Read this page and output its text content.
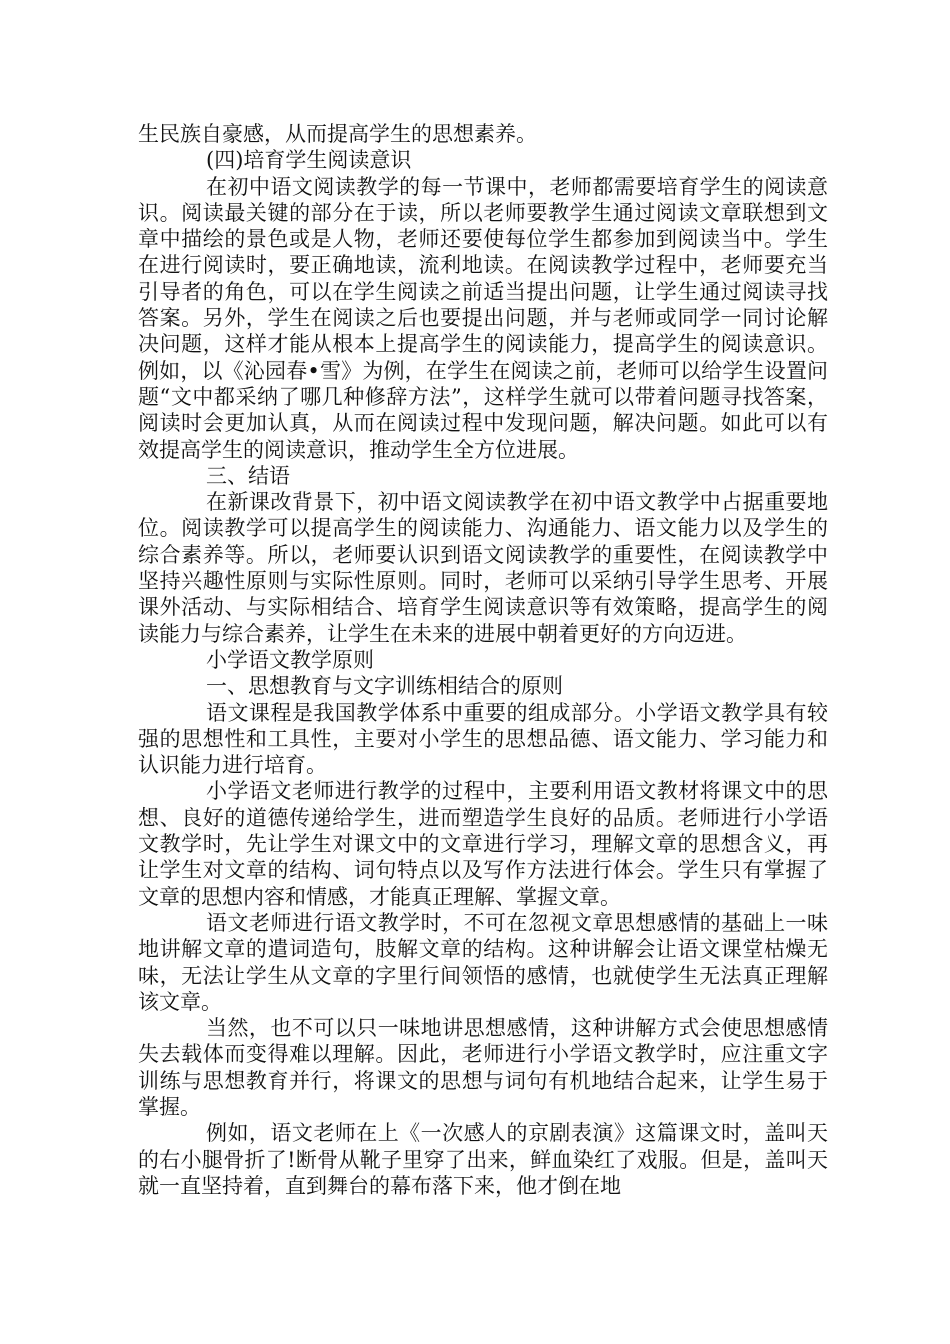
生民族自豪感，从而提高学生的思想素养。

(四)培育学生阅读意识

在初中语文阅读教学的每一节课中，老师都需要培育学生的阅读意识。阅读最关键的部分在于读，所以老师要教学生通过阅读文章联想到文章中描绘的景色或是人物，老师还要使每位学生都参加到阅读当中。学生在进行阅读时，要正确地读，流利地读。在阅读教学过程中，老师要充当引导者的角色，可以在学生阅读之前适当提出问题，让学生通过阅读寻找答案。另外，学生在阅读之后也要提出问题，并与老师或同学一同讨论解决问题，这样才能从根本上提高学生的阅读能力，提高学生的阅读意识。例如，以《沁园春•雪》为例，在学生在阅读之前，老师可以给学生设置问题“文中都采纳了哪几种修辞方法”，这样学生就可以带着问题寻找答案，阅读时会更加认真，从而在阅读过程中发现问题，解决问题。如此可以有效提高学生的阅读意识，推动学生全方位进展。

三、结语

在新课改背景下，初中语文阅读教学在初中语文教学中占据重要地位。阅读教学可以提高学生的阅读能力、沟通能力、语文能力以及学生的综合素养等。所以，老师要认识到语文阅读教学的重要性，在阅读教学中坚持兴趣性原则与实际性原则。同时，老师可以采纳引导学生思考、开展课外活动、与实际相结合、培育学生阅读意识等有效策略，提高学生的阅读能力与综合素养，让学生在未来的进展中朝着更好的方向迈进。

小学语文教学原则

一、思想教育与文字训练相结合的原则

语文课程是我国教学体系中重要的组成部分。小学语文教学具有较强的思想性和工具性，主要对小学生的思想品德、语文能力、学习能力和认识能力进行培育。

小学语文老师进行教学的过程中，主要利用语文教材将课文中的思想、良好的道德传递给学生，进而塑造学生良好的品质。老师进行小学语文教学时，先让学生对课文中的文章进行学习，理解文章的思想含义，再让学生对文章的结构、词句特点以及写作方法进行体会。学生只有掌握了文章的思想内容和情感，才能真正理解、掌握文章。

语文老师进行语文教学时，不可在忽视文章思想感情的基础上一味地讲解文章的遣词造句，肢解文章的结构。这种讲解会让语文课堂枯燥无味，无法让学生从文章的字里行间领悟的感情，也就使学生无法真正理解该文章。

当然，也不可以只一味地讲思想感情，这种讲解方式会使思想感情失去载体而变得难以理解。因此，老师进行小学语文教学时，应注重文字训练与思想教育并行，将课文的思想与词句有机地结合起来，让学生易于掌握。

例如，语文老师在上《一次感人的京剧表演》这篇课文时，盖叫天的右小腿骨折了!断骨从靴子里穿了出来，鲜血染红了戏服。但是，盖叫天就一直坚持着，直到舞台的幕布落下来，他才倒在地
